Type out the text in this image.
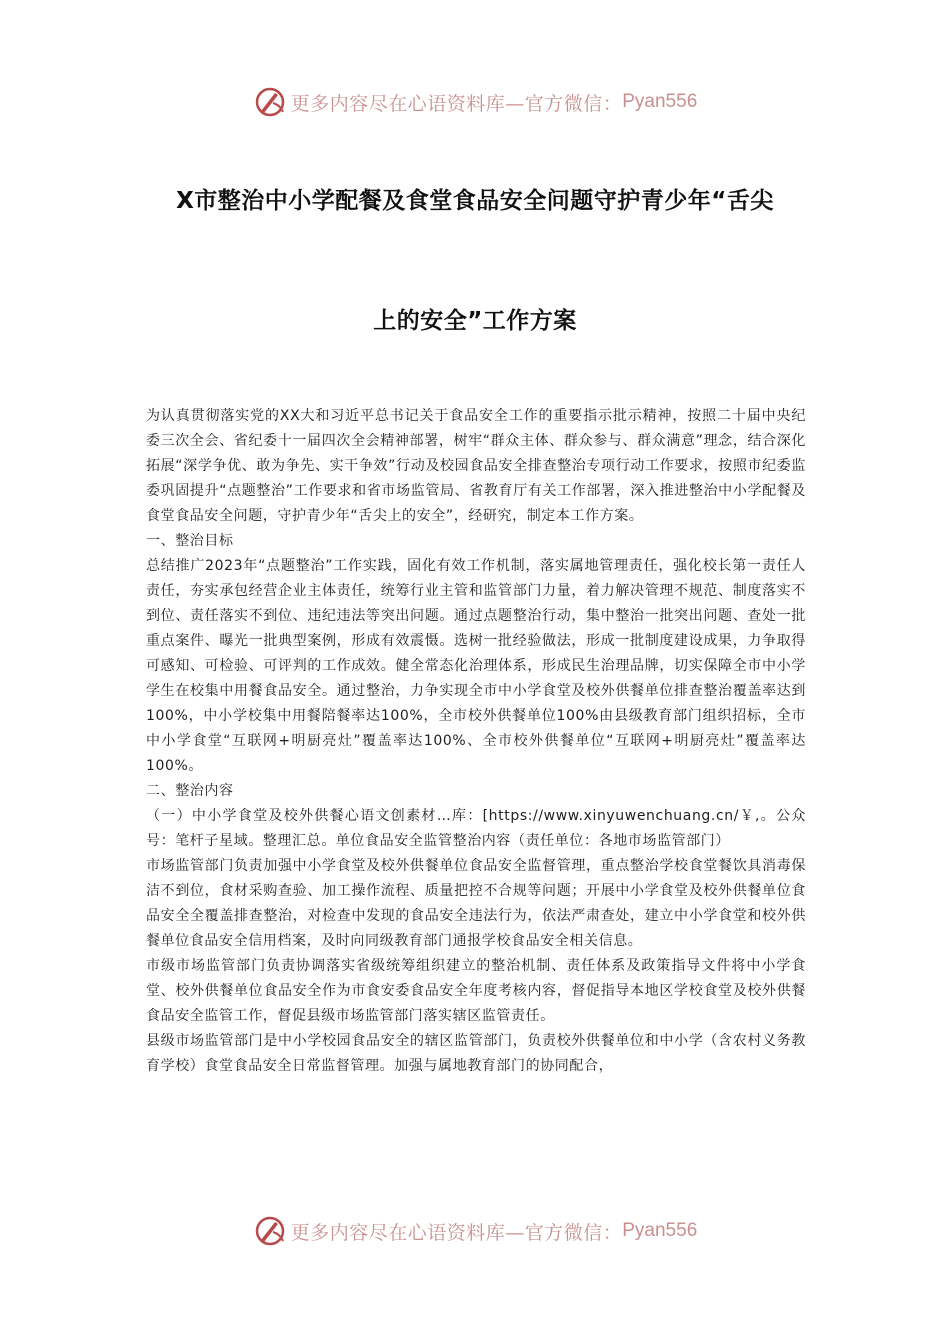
更多内容尽在心语资料库—官方微信： Pyan556
X市整治中小学配餐及食堂食品安全问题守护青少年“舌尖
上的安全”工作方案

为认真贯彻落实党的XX大和习近平总书记关于食品安全工作的重要指示批示精神，按照二十届中央纪委三次全会、省纪委十一届四次全会精神部署，树牢“群众主体、群众参与、群众满意”理念，结合深化拓展“深学争优、敢为争先、实干争效”行动及校园食品安全排查整治专项行动工作要求，按照市纪委监委巩固提升“点题整治”工作要求和省市场监管局、省教育厅有关工作部署，深入推进整治中小学配餐及食堂食品安全问题，守护青少年“舌尖上的安全”，经研究，制定本工作方案。

一、整治目标

总结推广2023年“点题整治”工作实践，固化有效工作机制，落实属地管理责任，强化校长第一责任人责任，夯实承包经营企业主体责任，统筹行业主管和监管部门力量，着力解决管理不规范、制度落实不到位、责任落实不到位、违纪违法等突出问题。通过点题整治行动，集中整治一批突出问题、查处一批重点案件、曝光一批典型案例，形成有效震慑。选树一批经验做法，形成一批制度建设成果，力争取得可感知、可检验、可评判的工作成效。健全常态化治理体系，形成民生治理品牌，切实保障全市中小学学生在校集中用餐食品安全。通过整治，力争实现全市中小学食堂及校外供餐单位排查整治覆盖率达到100%，中小学校集中用餐陪餐率达100%，全市校外供餐单位100%由县级教育部门组织招标，全市中小学食堂“互联网+明厨亮灶”覆盖率达100%、全市校外供餐单位“互联网+明厨亮灶”覆盖率达100%。

二、整治内容

（一）中小学食堂及校外供餐心语文创素材…库：[https://www.xinyuwenchuang.cn/￥,。公众号：笔杆子星域。整理汇总。单位食品安全监管整治内容（责任单位：各地市场监管部门）

市场监管部门负责加强中小学食堂及校外供餐单位食品安全监督管理，重点整治学校食堂餐饮具消毒保洁不到位，食材采购查验、加工操作流程、质量把控不合规等问题；开展中小学食堂及校外供餐单位食品安全全覆盖排查整治，对检查中发现的食品安全违法行为，依法严肃查处，建立中小学食堂和校外供餐单位食品安全信用档案，及时向同级教育部门通报学校食品安全相关信息。

市级市场监管部门负责协调落实省级统筹组织建立的整治机制、责任体系及政策指导文件将中小学食堂、校外供餐单位食品安全作为市食安委食品安全年度考核内容，督促指导本地区学校食堂及校外供餐食品安全监管工作，督促县级市场监管部门落实辖区监管责任。

县级市场监管部门是中小学校园食品安全的辖区监管部门，负责校外供餐单位和中小学（含农村义务教育学校）食堂食品安全日常监督管理。加强与属地教育部门的协同配合，

更多内容尽在心语资料库—官方微信： Pyan556
